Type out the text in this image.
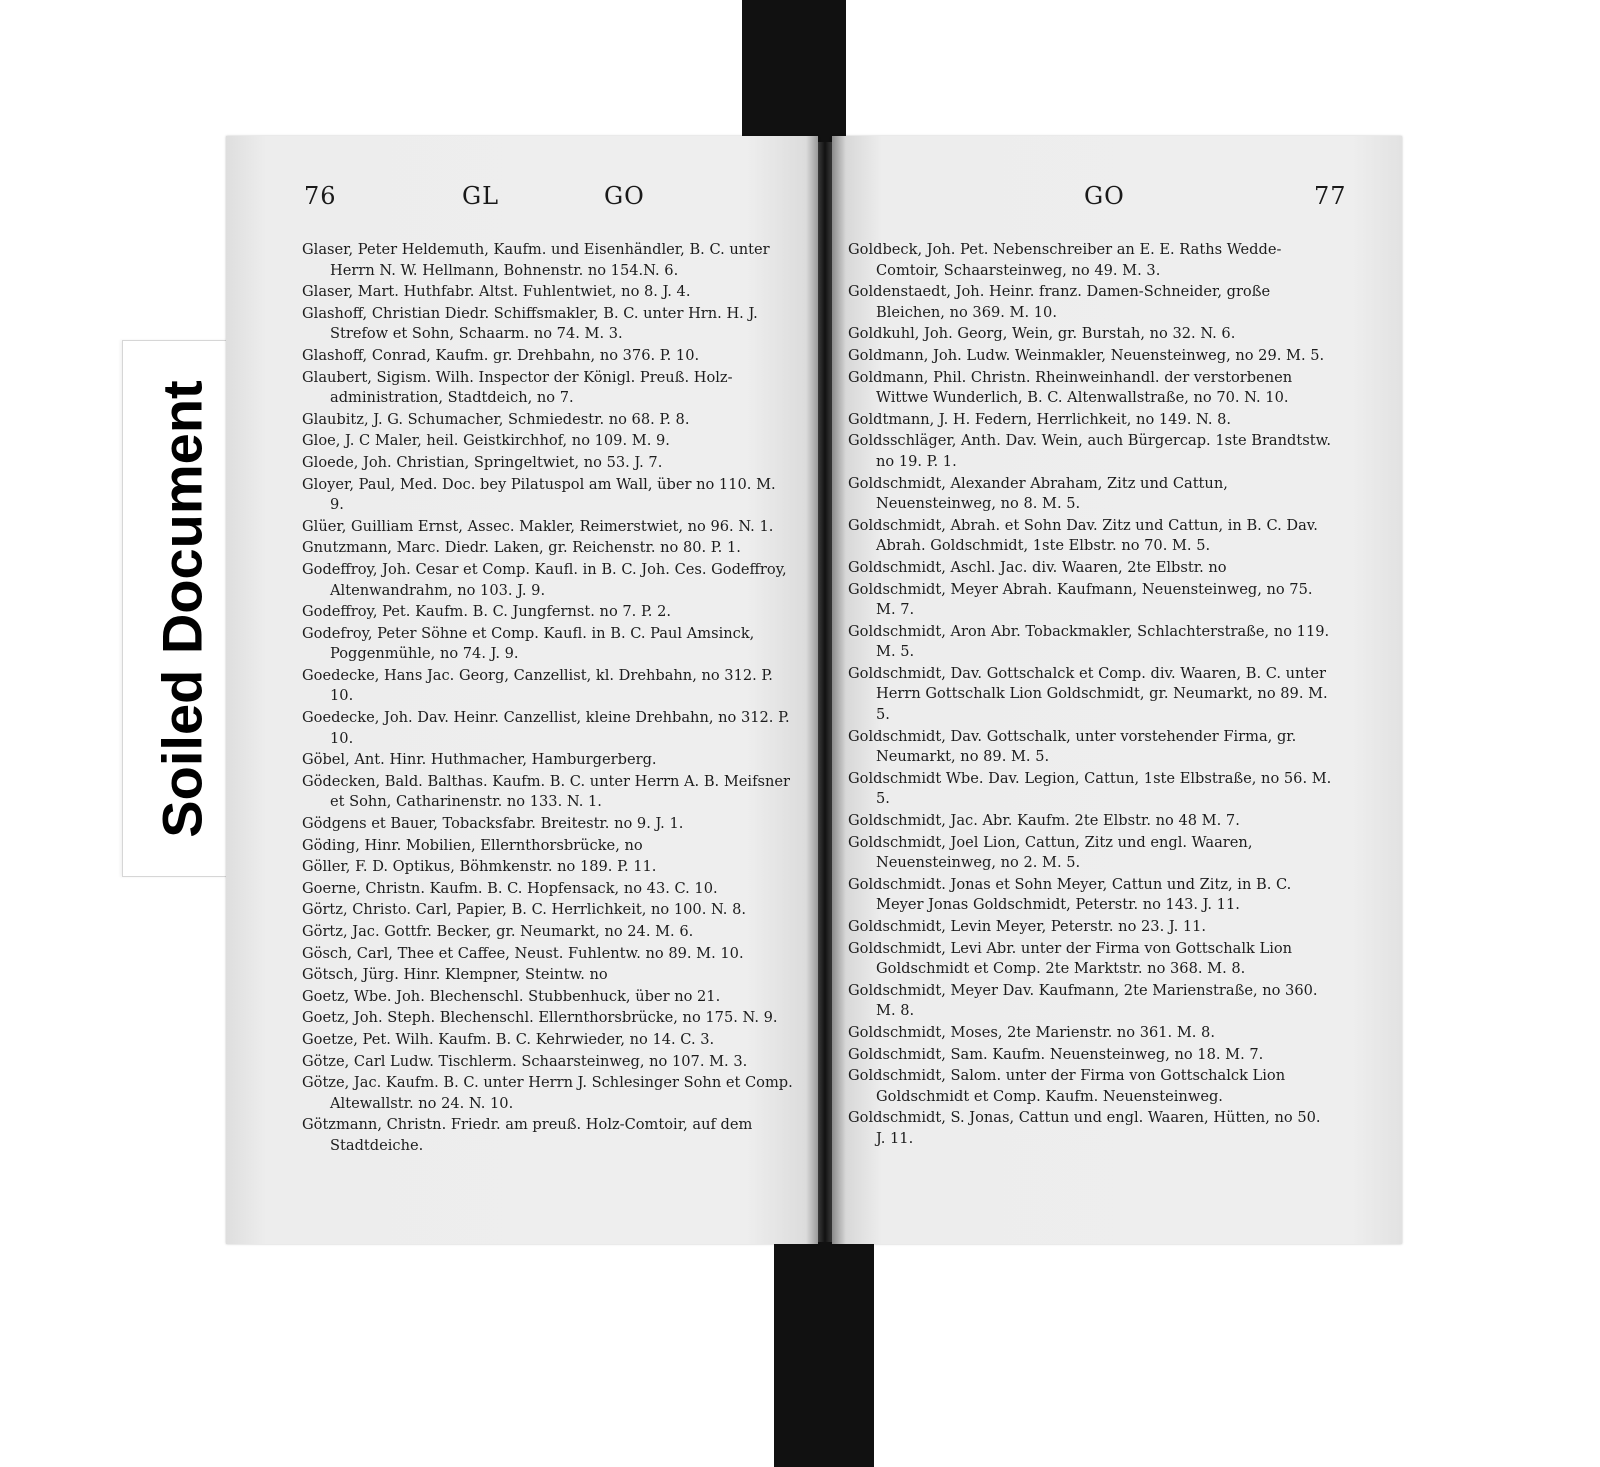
Soiled Document
76	GL	GO

Glaser, Peter Heldemuth, Kaufm. und Eisenhändler, B. C. unter Herrn N. W. Hellmann, Bohnenstr. no 154.N. 6.

Glaser, Mart. Huthfabr. Altst. Fuhlentwiet, no 8. J. 4.

Glashoff, Christian Diedr. Schiffsmakler, B. C. unter Hrn. H. J. Strefow et Sohn, Schaarm. no 74. M. 3.

Glashoff, Conrad, Kaufm. gr. Drehbahn, no 376. P. 10.

Glaubert, Sigism. Wilh. Inspector der Königl. Preuß. Holz-administration, Stadtdeich, no 7.

Glaubitz, J. G. Schumacher, Schmiedestr. no 68. P. 8.

Gloe, J. C Maler, heil. Geistkirchhof, no 109. M. 9.

Gloede, Joh. Christian, Springeltwiet, no 53. J. 7.

Gloyer, Paul, Med. Doc. bey Pilatuspol am Wall, über no 110. M. 9.

Glüer, Guilliam Ernst, Assec. Makler, Reimerstwiet, no 96. N. 1.

Gnutzmann, Marc. Diedr. Laken, gr. Reichenstr. no 80. P. 1.

Godeffroy, Joh. Cesar et Comp. Kaufl. in B. C. Joh. Ces. Godeffroy, Altenwandrahm, no 103. J. 9.

Godeffroy, Pet. Kaufm. B. C. Jungfernst. no 7. P. 2.

Godefroy, Peter Söhne et Comp. Kaufl. in B. C. Paul Amsinck, Poggenmühle, no 74. J. 9.

Goedecke, Hans Jac. Georg, Canzellist, kl. Drehbahn, no 312. P. 10.

Goedecke, Joh. Dav. Heinr. Canzellist, kleine Drehbahn, no 312. P. 10.

Göbel, Ant. Hinr. Huthmacher, Hamburgerberg.

Gödecken, Bald. Balthas. Kaufm. B. C. unter Herrn A. B. Meifsner et Sohn, Catharinenstr. no 133. N. 1.

Gödgens et Bauer, Tobacksfabr. Breitestr. no 9. J. 1.

Göding, Hinr. Mobilien, Ellernthorsbrücke, no

Göller, F. D. Optikus, Böhmkenstr. no 189. P. 11.

Goerne, Christn. Kaufm. B. C. Hopfensack, no 43. C. 10.

Görtz, Christo. Carl, Papier, B. C. Herrlichkeit, no 100. N. 8.

Görtz, Jac. Gottfr. Becker, gr. Neumarkt, no 24. M. 6.

Gösch, Carl, Thee et Caffee, Neust. Fuhlentw. no 89. M. 10.

Götsch, Jürg. Hinr. Klempner, Steintw. no

Goetz, Wbe. Joh. Blechenschl. Stubbenhuck, über no 21.

Goetz, Joh. Steph. Blechenschl. Ellernthorsbrücke, no 175. N. 9.

Goetze, Pet. Wilh. Kaufm. B. C. Kehrwieder, no 14. C. 3.

Götze, Carl Ludw. Tischlerm. Schaarsteinweg, no 107. M. 3.

Götze, Jac. Kaufm. B. C. unter Herrn J. Schlesinger Sohn et Comp. Altewallstr. no 24. N. 10.

Götzmann, Christn. Friedr. am preuß. Holz-Comtoir, auf dem Stadtdeiche.

GO	77

Goldbeck, Joh. Pet. Nebenschreiber an E. E. Raths Wedde-Comtoir, Schaarsteinweg, no 49. M. 3.

Goldenstaedt, Joh. Heinr. franz. Damen-Schneider, große Bleichen, no 369. M. 10.

Goldkuhl, Joh. Georg, Wein, gr. Burstah, no 32. N. 6.

Goldmann, Joh. Ludw. Weinmakler, Neuensteinweg, no 29. M. 5.

Goldmann, Phil. Christn. Rheinweinhandl. der verstorbenen Wittwe Wunderlich, B. C. Altenwallstraße, no 70. N. 10.

Goldtmann, J. H. Federn, Herrlichkeit, no 149. N. 8.

Goldsschläger, Anth. Dav. Wein, auch Bürgercap. 1ste Brandtstw. no 19. P. 1.

Goldschmidt, Alexander Abraham, Zitz und Cattun, Neuensteinweg, no 8. M. 5.

Goldschmidt, Abrah. et Sohn Dav. Zitz und Cattun, in B. C. Dav. Abrah. Goldschmidt, 1ste Elbstr. no 70. M. 5.

Goldschmidt, Aschl. Jac. div. Waaren, 2te Elbstr. no

Goldschmidt, Meyer Abrah. Kaufmann, Neuensteinweg, no 75. M. 7.

Goldschmidt, Aron Abr. Tobackmakler, Schlachterstraße, no 119. M. 5.

Goldschmidt, Dav. Gottschalck et Comp. div. Waaren, B. C. unter Herrn Gottschalk Lion Goldschmidt, gr. Neumarkt, no 89. M. 5.

Goldschmidt, Dav. Gottschalk, unter vorstehender Firma, gr. Neumarkt, no 89. M. 5.

Goldschmidt Wbe. Dav. Legion, Cattun, 1ste Elbstraße, no 56. M. 5.

Goldschmidt, Jac. Abr. Kaufm. 2te Elbstr. no 48 M. 7.

Goldschmidt, Joel Lion, Cattun, Zitz und engl. Waaren, Neuensteinweg, no 2. M. 5.

Goldschmidt. Jonas et Sohn Meyer, Cattun und Zitz, in B. C. Meyer Jonas Goldschmidt, Peterstr. no 143. J. 11.

Goldschmidt, Levin Meyer, Peterstr. no 23. J. 11.

Goldschmidt, Levi Abr. unter der Firma von Gottschalk Lion Goldschmidt et Comp. 2te Marktstr. no 368. M. 8.

Goldschmidt, Meyer Dav. Kaufmann, 2te Marienstraße, no 360. M. 8.

Goldschmidt, Moses, 2te Marienstr. no 361. M. 8.

Goldschmidt, Sam. Kaufm. Neuensteinweg, no 18. M. 7.

Goldschmidt, Salom. unter der Firma von Gottschalck Lion Goldschmidt et Comp. Kaufm. Neuensteinweg.

Goldschmidt, S. Jonas, Cattun und engl. Waaren, Hütten, no 50. J. 11.
